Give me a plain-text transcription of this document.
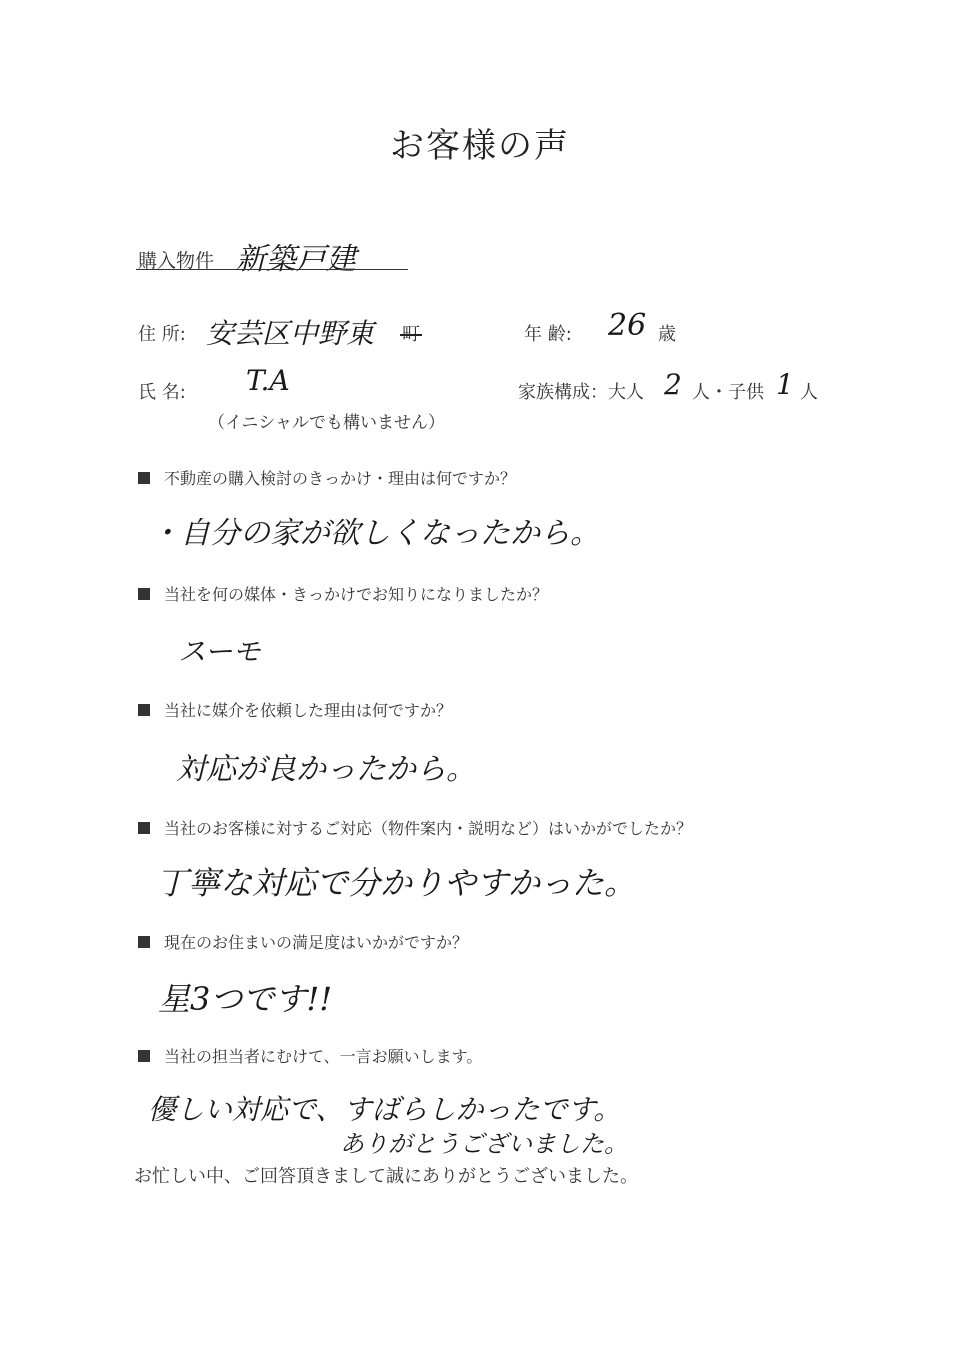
お客様の声
購入物件 新築戸建
住 所: 安芸区中野東 町	年 齢: 26 歳
氏 名: T.A
（イニシャルでも構いません）
家族構成：大人 2 人・子供 1 人
不動産の購入検討のきっかけ・理由は何ですか？
・自分の家が欲しくなったから。
当社を何の媒体・きっかけでお知りになりましたか？
スーモ
当社に媒介を依頼した理由は何ですか？
対応が良かったから。
当社のお客様に対するご対応（物件案内・説明など）はいかがでしたか？
丁寧な対応で分かりやすかった。
現在のお住まいの満足度はいかがですか？
星3つです!!
当社の担当者にむけて、一言お願いします。
優しい対応で、すばらしかったです。
ありがとうございました。
お忙しい中、ご回答頂きまして誠にありがとうございました。
